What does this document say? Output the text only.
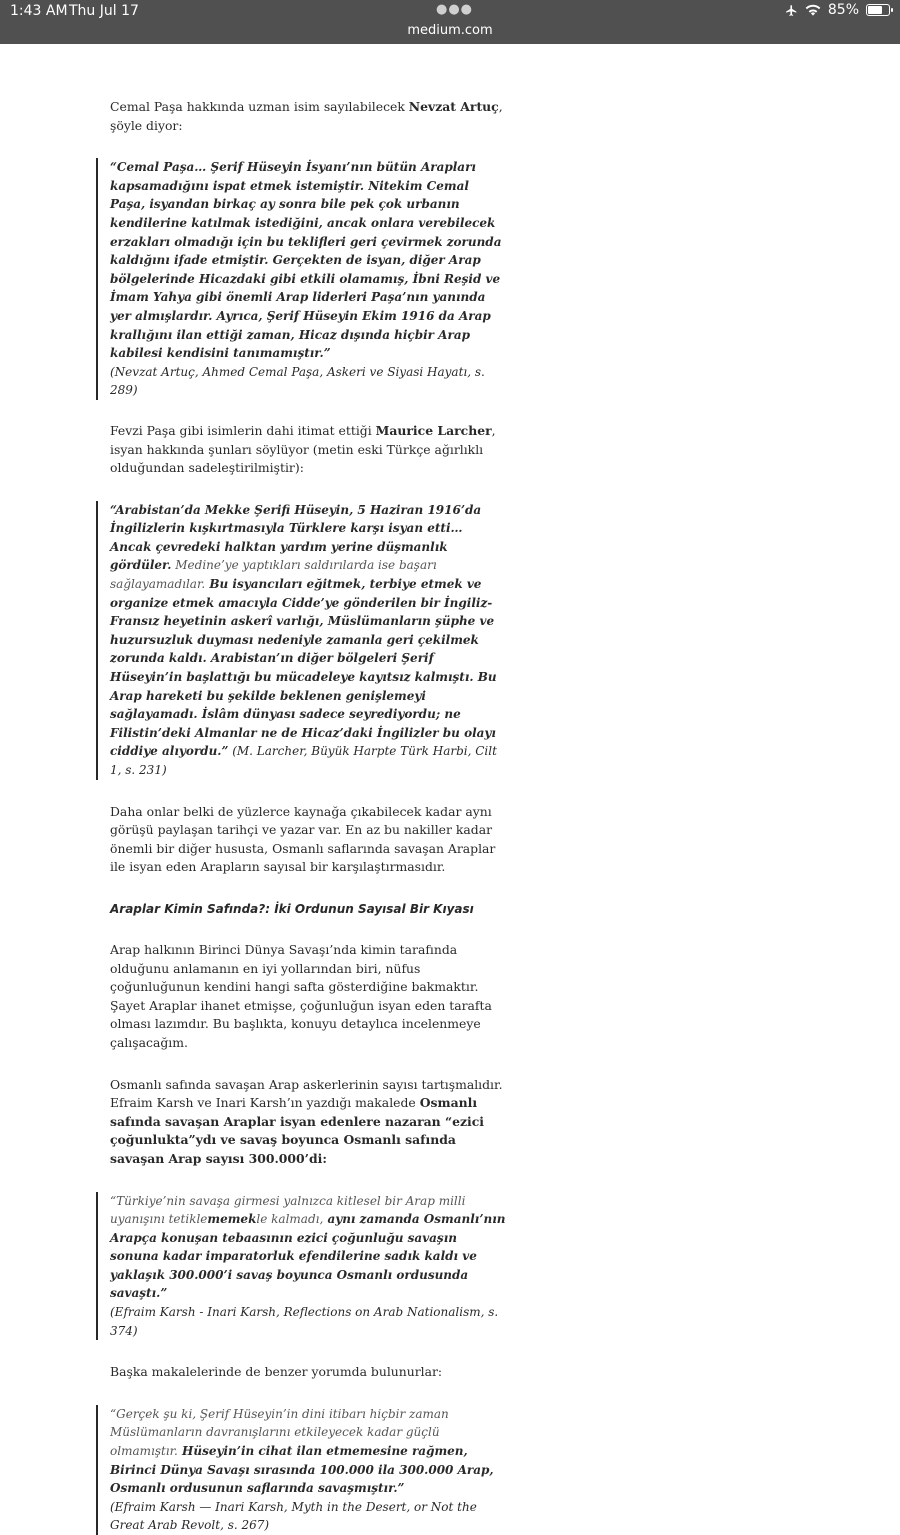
1:43 AM Thu Jul 17	●●●
medium.com
85%

Cemal Paşa hakkında uzman isim sayılabilecek Nevzat Artuç, şöyle diyor:

“Cemal Paşa… Şerif Hüseyin İsyanı’nın bütün Arapları kapsamadığını ispat etmek istemiştir. Nitekim Cemal Paşa, isyandan birkaç ay sonra bile pek çok urbanın kendilerine katılmak istediğini, ancak onlara verebilecek erzakları olmadığı için bu teklifleri geri çevirmek zorunda kaldığını ifade etmiştir. Gerçekten de isyan, diğer Arap bölgelerinde Hicazdaki gibi etkili olamamış, İbni Reşid ve İmam Yahya gibi önemli Arap liderleri Paşa’nın yanında yer almışlardır. Ayrıca, Şerif Hüseyin Ekim 1916 da Arap krallığını ilan ettiği zaman, Hicaz dışında hiçbir Arap kabilesi kendisini tanımamıştır.”
(Nevzat Artuç, Ahmed Cemal Paşa, Askeri ve Siyasi Hayatı, s. 289)

Fevzi Paşa gibi isimlerin dahi itimat ettiği Maurice Larcher, isyan hakkında şunları söylüyor (metin eski Türkçe ağırlıklı olduğundan sadeleştirilmiştir):

“Arabistan’da Mekke Şerifi Hüseyin, 5 Haziran 1916’da İngilizlerin kışkırtmasıyla Türklere karşı isyan etti… Ancak çevredeki halktan yardım yerine düşmanlık gördüler. Medine’ye yaptıkları saldırılarda ise başarı sağlayamadılar. Bu isyancıları eğitmek, terbiye etmek ve organize etmek amacıyla Cidde’ye gönderilen bir İngiliz-Fransız heyetinin askerî varlığı, Müslümanların şüphe ve huzursuzluk duyması nedeniyle zamanla geri çekilmek zorunda kaldı. Arabistan’ın diğer bölgeleri Şerif Hüseyin’in başlattığı bu mücadeleye kayıtsız kalmıştı. Bu Arap hareketi bu şekilde beklenen genişlemeyi sağlayamadı. İslâm dünyası sadece seyrediyordu; ne Filistin’deki Almanlar ne de Hicaz’daki İngilizler bu olayı ciddiye alıyordu.” (M. Larcher, Büyük Harpte Türk Harbi, Cilt 1, s. 231)

Daha onlar belki de yüzlerce kaynağa çıkabilecek kadar aynı görüşü paylaşan tarihçi ve yazar var. En az bu nakiller kadar önemli bir diğer hususta, Osmanlı saflarında savaşan Araplar ile isyan eden Arapların sayısal bir karşılaştırmasıdır.

Araplar Kimin Safında?: İki Ordunun Sayısal Bir Kıyası

Arap halkının Birinci Dünya Savaşı’nda kimin tarafında olduğunu anlamanın en iyi yollarından biri, nüfus çoğunluğunun kendini hangi safta gösterdiğine bakmaktır. Şayet Araplar ihanet etmişse, çoğunluğun isyan eden tarafta olması lazımdır. Bu başlıkta, konuyu detaylıca incelenmeye çalışacağım.

Osmanlı safında savaşan Arap askerlerinin sayısı tartışmalıdır. Efraim Karsh ve Inari Karsh’ın yazdığı makalede Osmanlı safında savaşan Araplar isyan edenlere nazaran “ezici çoğunlukta”ydı ve savaş boyunca Osmanlı safında savaşan Arap sayısı 300.000’di:

“Türkiye’nin savaşa girmesi yalnızca kitlesel bir Arap milli uyanışını tetiklememekle kalmadı, aynı zamanda Osmanlı’nın Arapça konuşan tebaasının ezici çoğunluğu savaşın sonuna kadar imparatorluk efendilerine sadık kaldı ve yaklaşık 300.000’i savaş boyunca Osmanlı ordusunda savaştı.”
(Efraim Karsh - Inari Karsh, Reflections on Arab Nationalism, s. 374)

Başka makalelerinde de benzer yorumda bulunurlar:

“Gerçek şu ki, Şerif Hüseyin’in dini itibarı hiçbir zaman Müslümanların davranışlarını etkileyecek kadar güçlü olmamıştır. Hüseyin’in cihat ilan etmemesine rağmen, Birinci Dünya Savaşı sırasında 100.000 ila 300.000 Arap, Osmanlı ordusunun saflarında savaşmıştır.”
(Efraim Karsh — Inari Karsh, Myth in the Desert, or Not the Great Arab Revolt, s. 267)
